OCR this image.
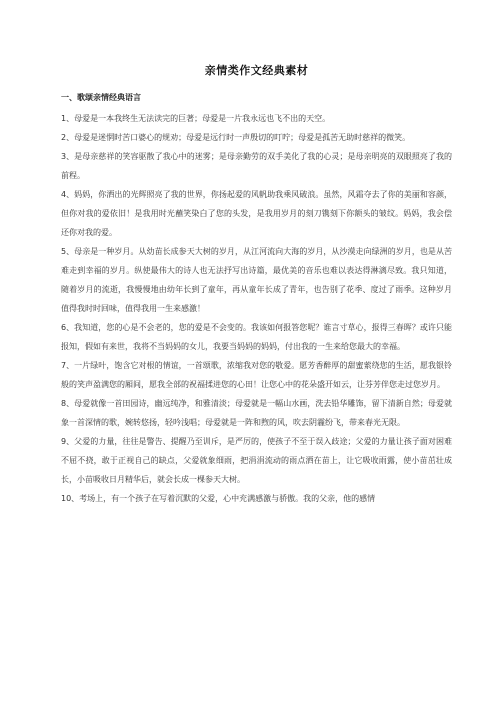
亲情类作文经典素材
一、歌颂亲情经典语言

1、母爱是一本我终生无法读完的巨著；母爱是一片我永远也飞不出的天空。

2、母爱是迷惘时苦口婆心的规劝；母爱是远行时一声殷切的叮咛；母爱是孤苦无助时慈祥的微笑。

3、是母亲慈祥的笑容驱散了我心中的迷雾；是母亲勤劳的双手美化了我的心灵；是母亲明亮的双眼照亮了我的前程。

4、妈妈，你洒出的光辉照亮了我的世界，你扬起爱的风帆助我乘风破浪。虽然，风霜夺去了你的美丽和容颜，但你对我的爱依旧！是我用时光蘸笑染白了您的头发，是我用岁月的刻刀镌刻下你额头的皱纹。妈妈，我会偿还你对我的爱。

5、母亲是一种岁月。从幼苗长成参天大树的岁月，从江河流向大海的岁月，从沙漠走向绿洲的岁月，也是从苦难走到幸福的岁月。纵使最伟大的诗人也无法抒写出诗篇，最优美的音乐也难以表达得淋漓尽致。我只知道，随着岁月的流逝，我慢慢地由幼年长到了童年，再从童年长成了青年，也告别了花季、度过了雨季。这种岁月值得我时时回味，值得我用一生来感激！

6、我知道，您的心是不会老的，您的爱是不会变的。我该如何报答您呢？谁言寸草心，报得三春晖？或许只能报知，假如有来世，我将不当妈妈的女儿，我要当妈妈的妈妈，付出我的一生来给您最大的幸福。

7、一片绿叶，饱含它对根的情谊，一首颂歌，浓缩我对您的敬爱。愿芳香醉厚的甜蜜萦绕您的生活，愿我银铃般的笑声盈满您的厢间，愿我全部的祝福揉进您的心田！让您心中的花朵盛开如云，让芬芳伴您走过您岁月。

8、母爱就像一首田园诗，幽远纯净，和雅清淡；母爱就是一幅山水画，洗去铅华雕饰，留下清新自然；母爱就象一首深情的歌，婉转悠扬，轻吟浅唱；母爱就是一阵和煦的风，吹去阴霾纷飞，带来春光无限。

9、父爱的力量，往往是警告、提醒乃至训斥，是严厉的，使孩子不至于误入歧途；父爱的力量让孩子面对困难不屈不挠，敢于正视自己的缺点，父爱就象细雨，把涓涓流动的雨点洒在苗上，让它吸收雨露，使小苗茁壮成长，小苗吸收日月精华后，就会长成一棵参天大树。

10、考场上，有一个孩子在写着沉默的父爱，心中充满感激与骄傲。我的父亲，他的感情
